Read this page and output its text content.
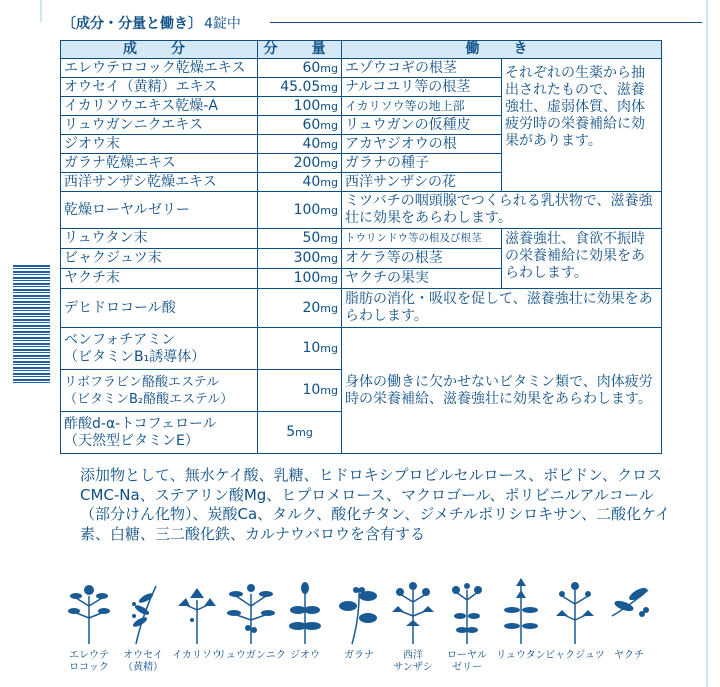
〔成分・分量と働き〕 4錠中
成　分	分　量	働　き	
エレウテロコック乾燥エキス	60mg	エゾウコギの根茎	それぞれの生薬から抽出されたもので、滋養強壮、虚弱体質、肉体疲労時の栄養補給に効果があります。
オウセイ（黄精）エキス	45.05mg	ナルコユリ等の根茎	
イカリソウエキス乾燥-A	100mg	イカリソウ等の地上部	
リュウガンニクエキス	60mg	リュウガンの仮種皮	
ジオウ末	40mg	アカヤジオウの根	
ガラナ乾燥エキス	200mg	ガラナの種子	
西洋サンザシ乾燥エキス	40mg	西洋サンザシの花	
乾燥ローヤルゼリー	100mg	ミツバチの咽頭腺でつくられる乳状物で、滋養強壮に効果をあらわします。	
リュウタン末	50mg	トウリンドウ等の根及び根茎	滋養強壮、食欲不振時の栄養補給に効果をあらわします。
ビャクジュツ末	300mg	オケラ等の根茎	
ヤクチ末	100mg	ヤクチの果実	
デヒドロコール酸	20mg	脂肪の消化・吸収を促して、滋養強壮に効果をあらわします。	

ベンフォチアミン
（ビタミンB₁誘導体）	10mg	身体の働きに欠かせないビタミン類で、肉体疲労時の栄養補給、滋養強壮に効果をあらわします。	

リボフラビン酪酸エステル
（ビタミンB₂酪酸エステル）	10mg		

酢酸d-α-トコフェロール
（天然型ビタミンE）	5mg		
添加物として、無水ケイ酸、乳糖、ヒドロキシプロピルセルロース、ポビドン、クロスCMC-Na、ステアリン酸Mg、ヒプロメロース、マクロゴール、ポリビニルアルコール（部分けん化物）、炭酸Ca、タルク、酸化チタン、ジメチルポリシロキサン、二酸化ケイ素、白糖、三二酸化鉄、カルナウバロウを含有する
エレウテ
ロコック
オウセイ
（黄精）
イカリソウ
リュウガンニク ジオウ ガラナ	西洋
サンザシ
ローヤル
ゼリー
リュウタン ビャクジュツ ヤクチ
